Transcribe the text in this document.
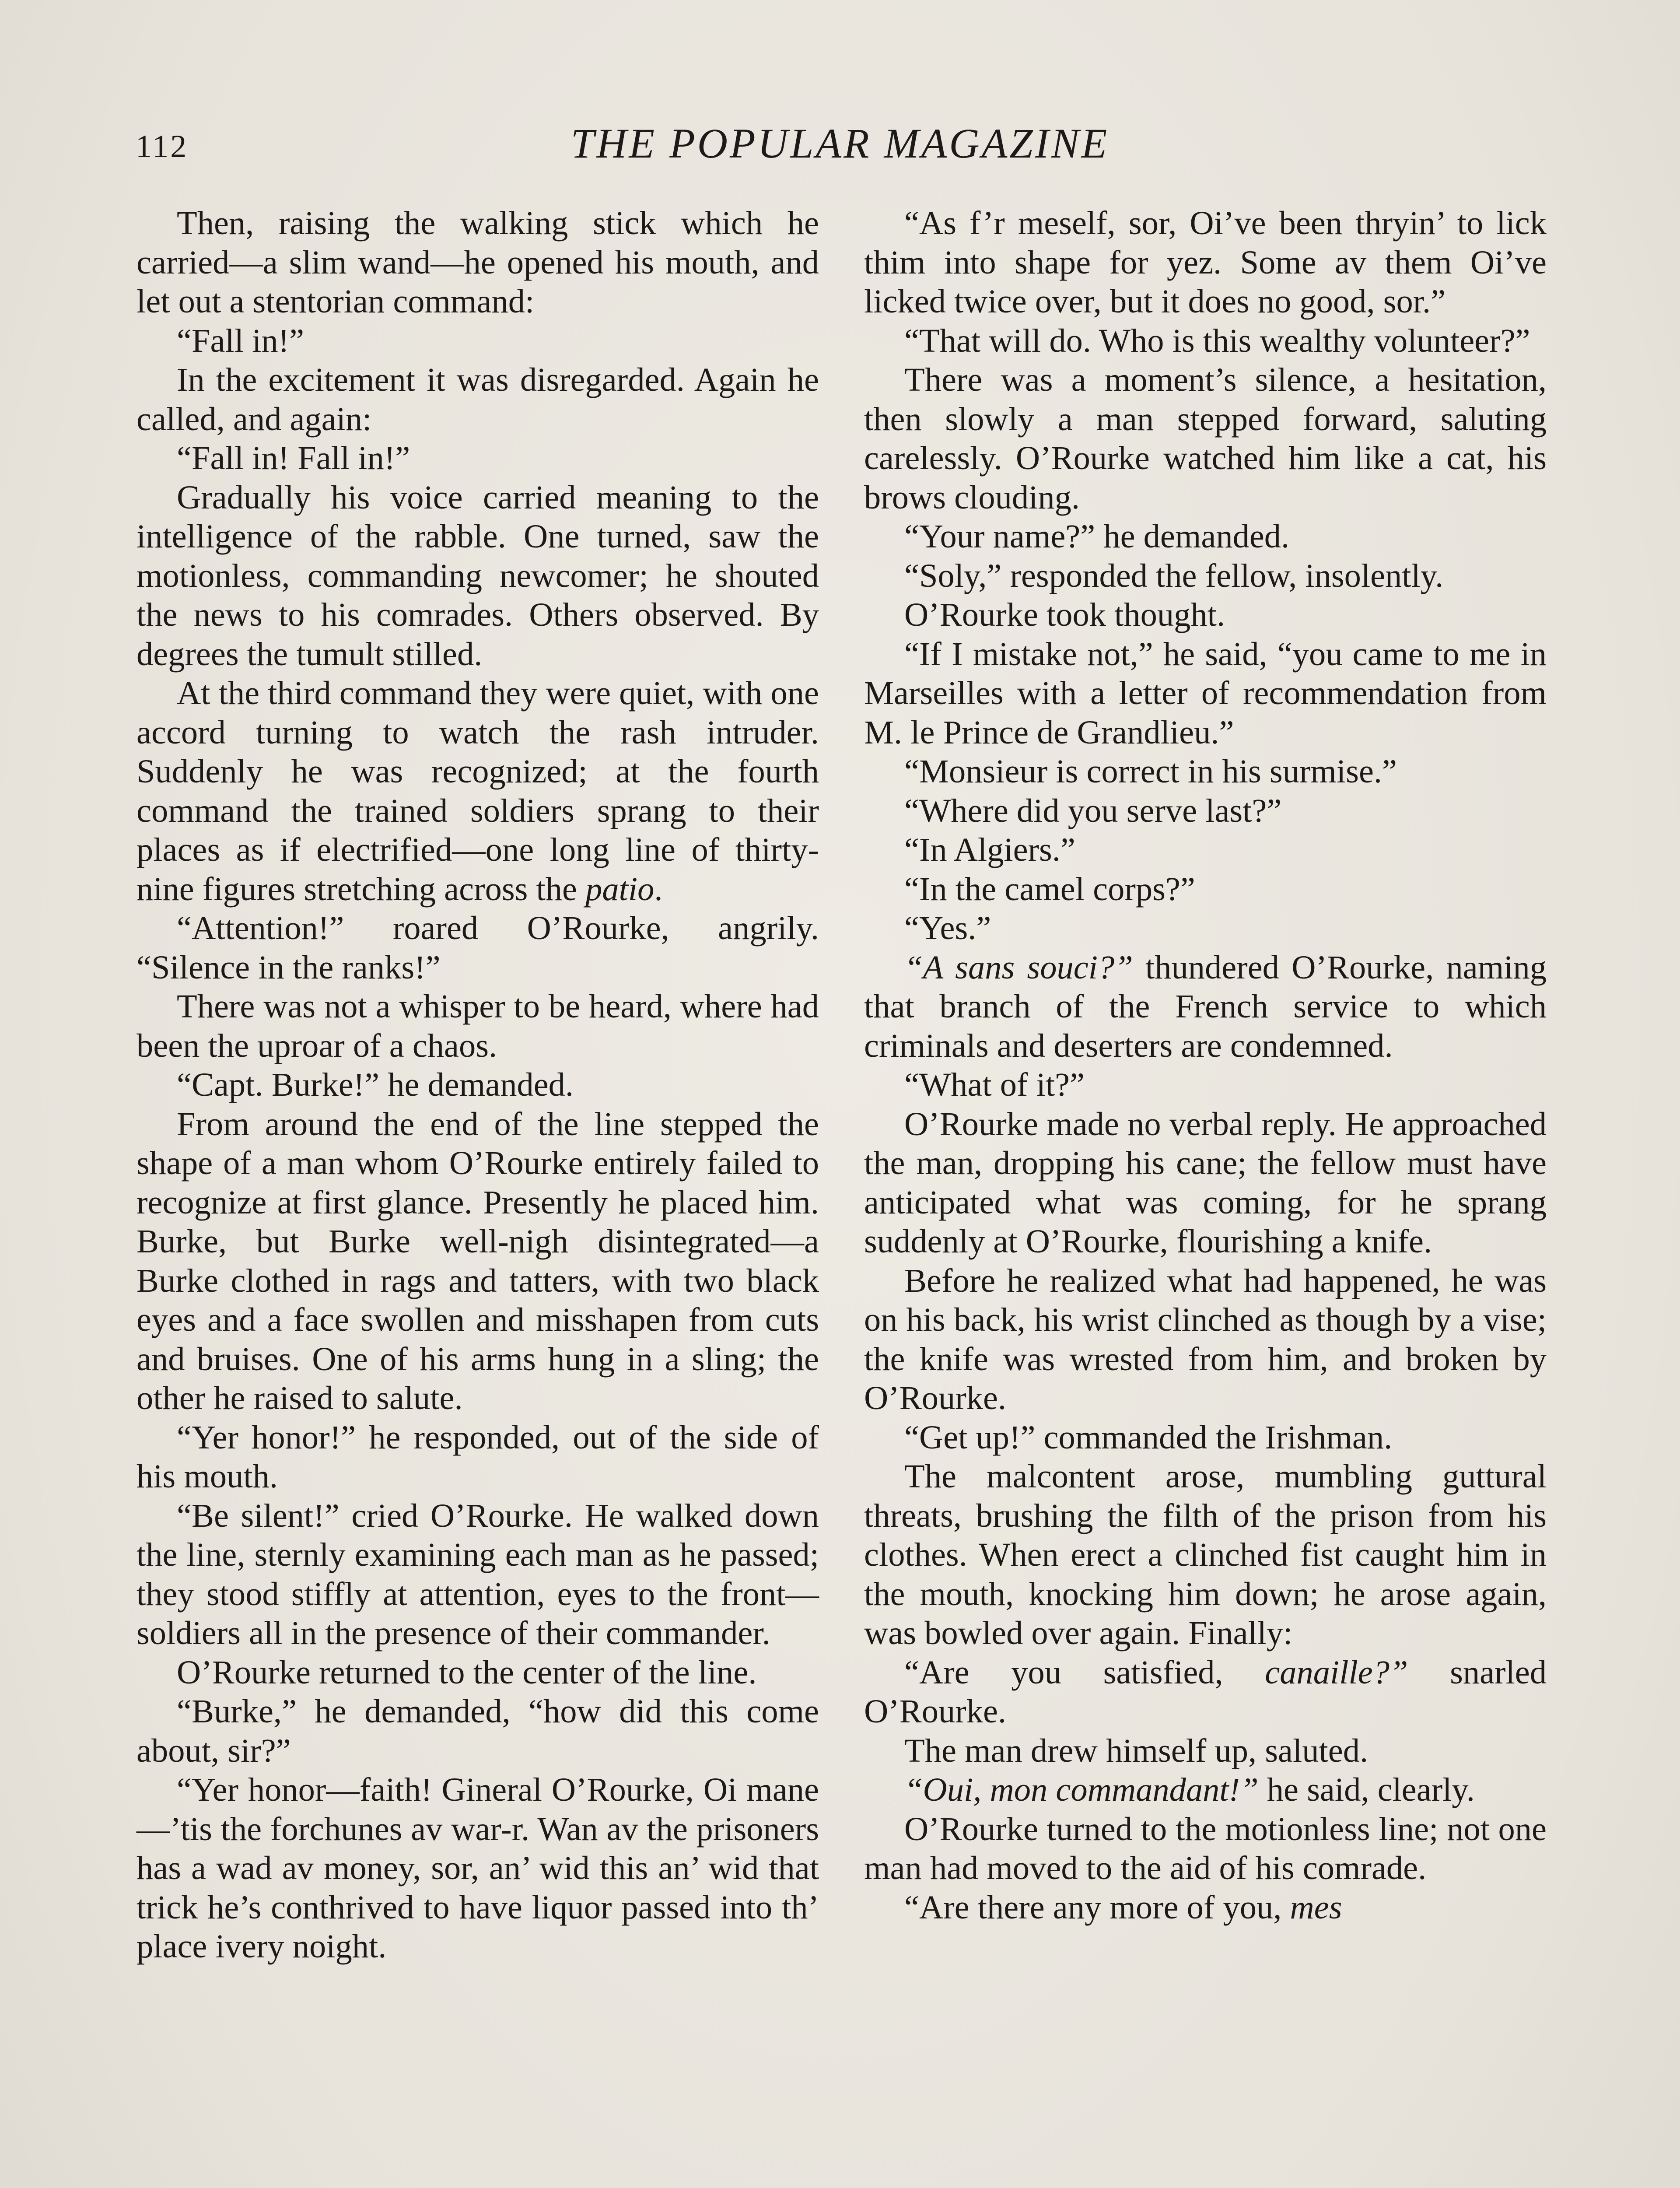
112	THE POPULAR MAGAZINE

Then, raising the walking stick which he carried—a slim wand—he opened his mouth, and let out a stentorian command:

“Fall in!”

In the excitement it was disregarded. Again he called, and again:

“Fall in! Fall in!”

Gradually his voice carried meaning to the intelligence of the rabble. One turned, saw the motionless, commanding newcomer; he shouted the news to his comrades. Others observed. By degrees the tumult stilled.

At the third command they were quiet, with one accord turning to watch the rash intruder. Suddenly he was recognized; at the fourth command the trained soldiers sprang to their places as if electrified—one long line of thirty-nine figures stretching across the patio.

“Attention!” roared O’Rourke, angrily. “Silence in the ranks!”

There was not a whisper to be heard, where had been the uproar of a chaos.

“Capt. Burke!” he demanded.

From around the end of the line stepped the shape of a man whom O’Rourke entirely failed to recognize at first glance. Presently he placed him. Burke, but Burke well-nigh disintegrated—a Burke clothed in rags and tatters, with two black eyes and a face swollen and misshapen from cuts and bruises. One of his arms hung in a sling; the other he raised to salute.

“Yer honor!” he responded, out of the side of his mouth.

“Be silent!” cried O’Rourke. He walked down the line, sternly examining each man as he passed; they stood stiffly at attention, eyes to the front—soldiers all in the presence of their commander.

O’Rourke returned to the center of the line.

“Burke,” he demanded, “how did this come about, sir?”

“Yer honor—faith! Gineral O’Rourke, Oi mane—’tis the forchunes av war-r. Wan av the prisoners has a wad av money, sor, an’ wid this an’ wid that trick he’s conthrived to have liquor passed into th’ place ivery noight.

“As f’r meself, sor, Oi’ve been thryin’ to lick thim into shape for yez. Some av them Oi’ve licked twice over, but it does no good, sor.”

“That will do. Who is this wealthy volunteer?”

There was a moment’s silence, a hesitation, then slowly a man stepped forward, saluting carelessly. O’Rourke watched him like a cat, his brows clouding.

“Your name?” he demanded.

“Soly,” responded the fellow, insolently.

O’Rourke took thought.

“If I mistake not,” he said, “you came to me in Marseilles with a letter of recommendation from M. le Prince de Grandlieu.”

“Monsieur is correct in his surmise.”

“Where did you serve last?”

“In Algiers.”

“In the camel corps?”

“Yes.”

“A sans souci?” thundered O’Rourke, naming that branch of the French service to which criminals and deserters are condemned.

“What of it?”

O’Rourke made no verbal reply. He approached the man, dropping his cane; the fellow must have anticipated what was coming, for he sprang suddenly at O’Rourke, flourishing a knife.

Before he realized what had happened, he was on his back, his wrist clinched as though by a vise; the knife was wrested from him, and broken by O’Rourke.

“Get up!” commanded the Irishman.

The malcontent arose, mumbling guttural threats, brushing the filth of the prison from his clothes. When erect a clinched fist caught him in the mouth, knocking him down; he arose again, was bowled over again. Finally:

“Are you satisfied, canaille?” snarled O’Rourke.

The man drew himself up, saluted.

“Oui, mon commandant!” he said, clearly.

O’Rourke turned to the motionless line; not one man had moved to the aid of his comrade.

“Are there any more of you, mes
